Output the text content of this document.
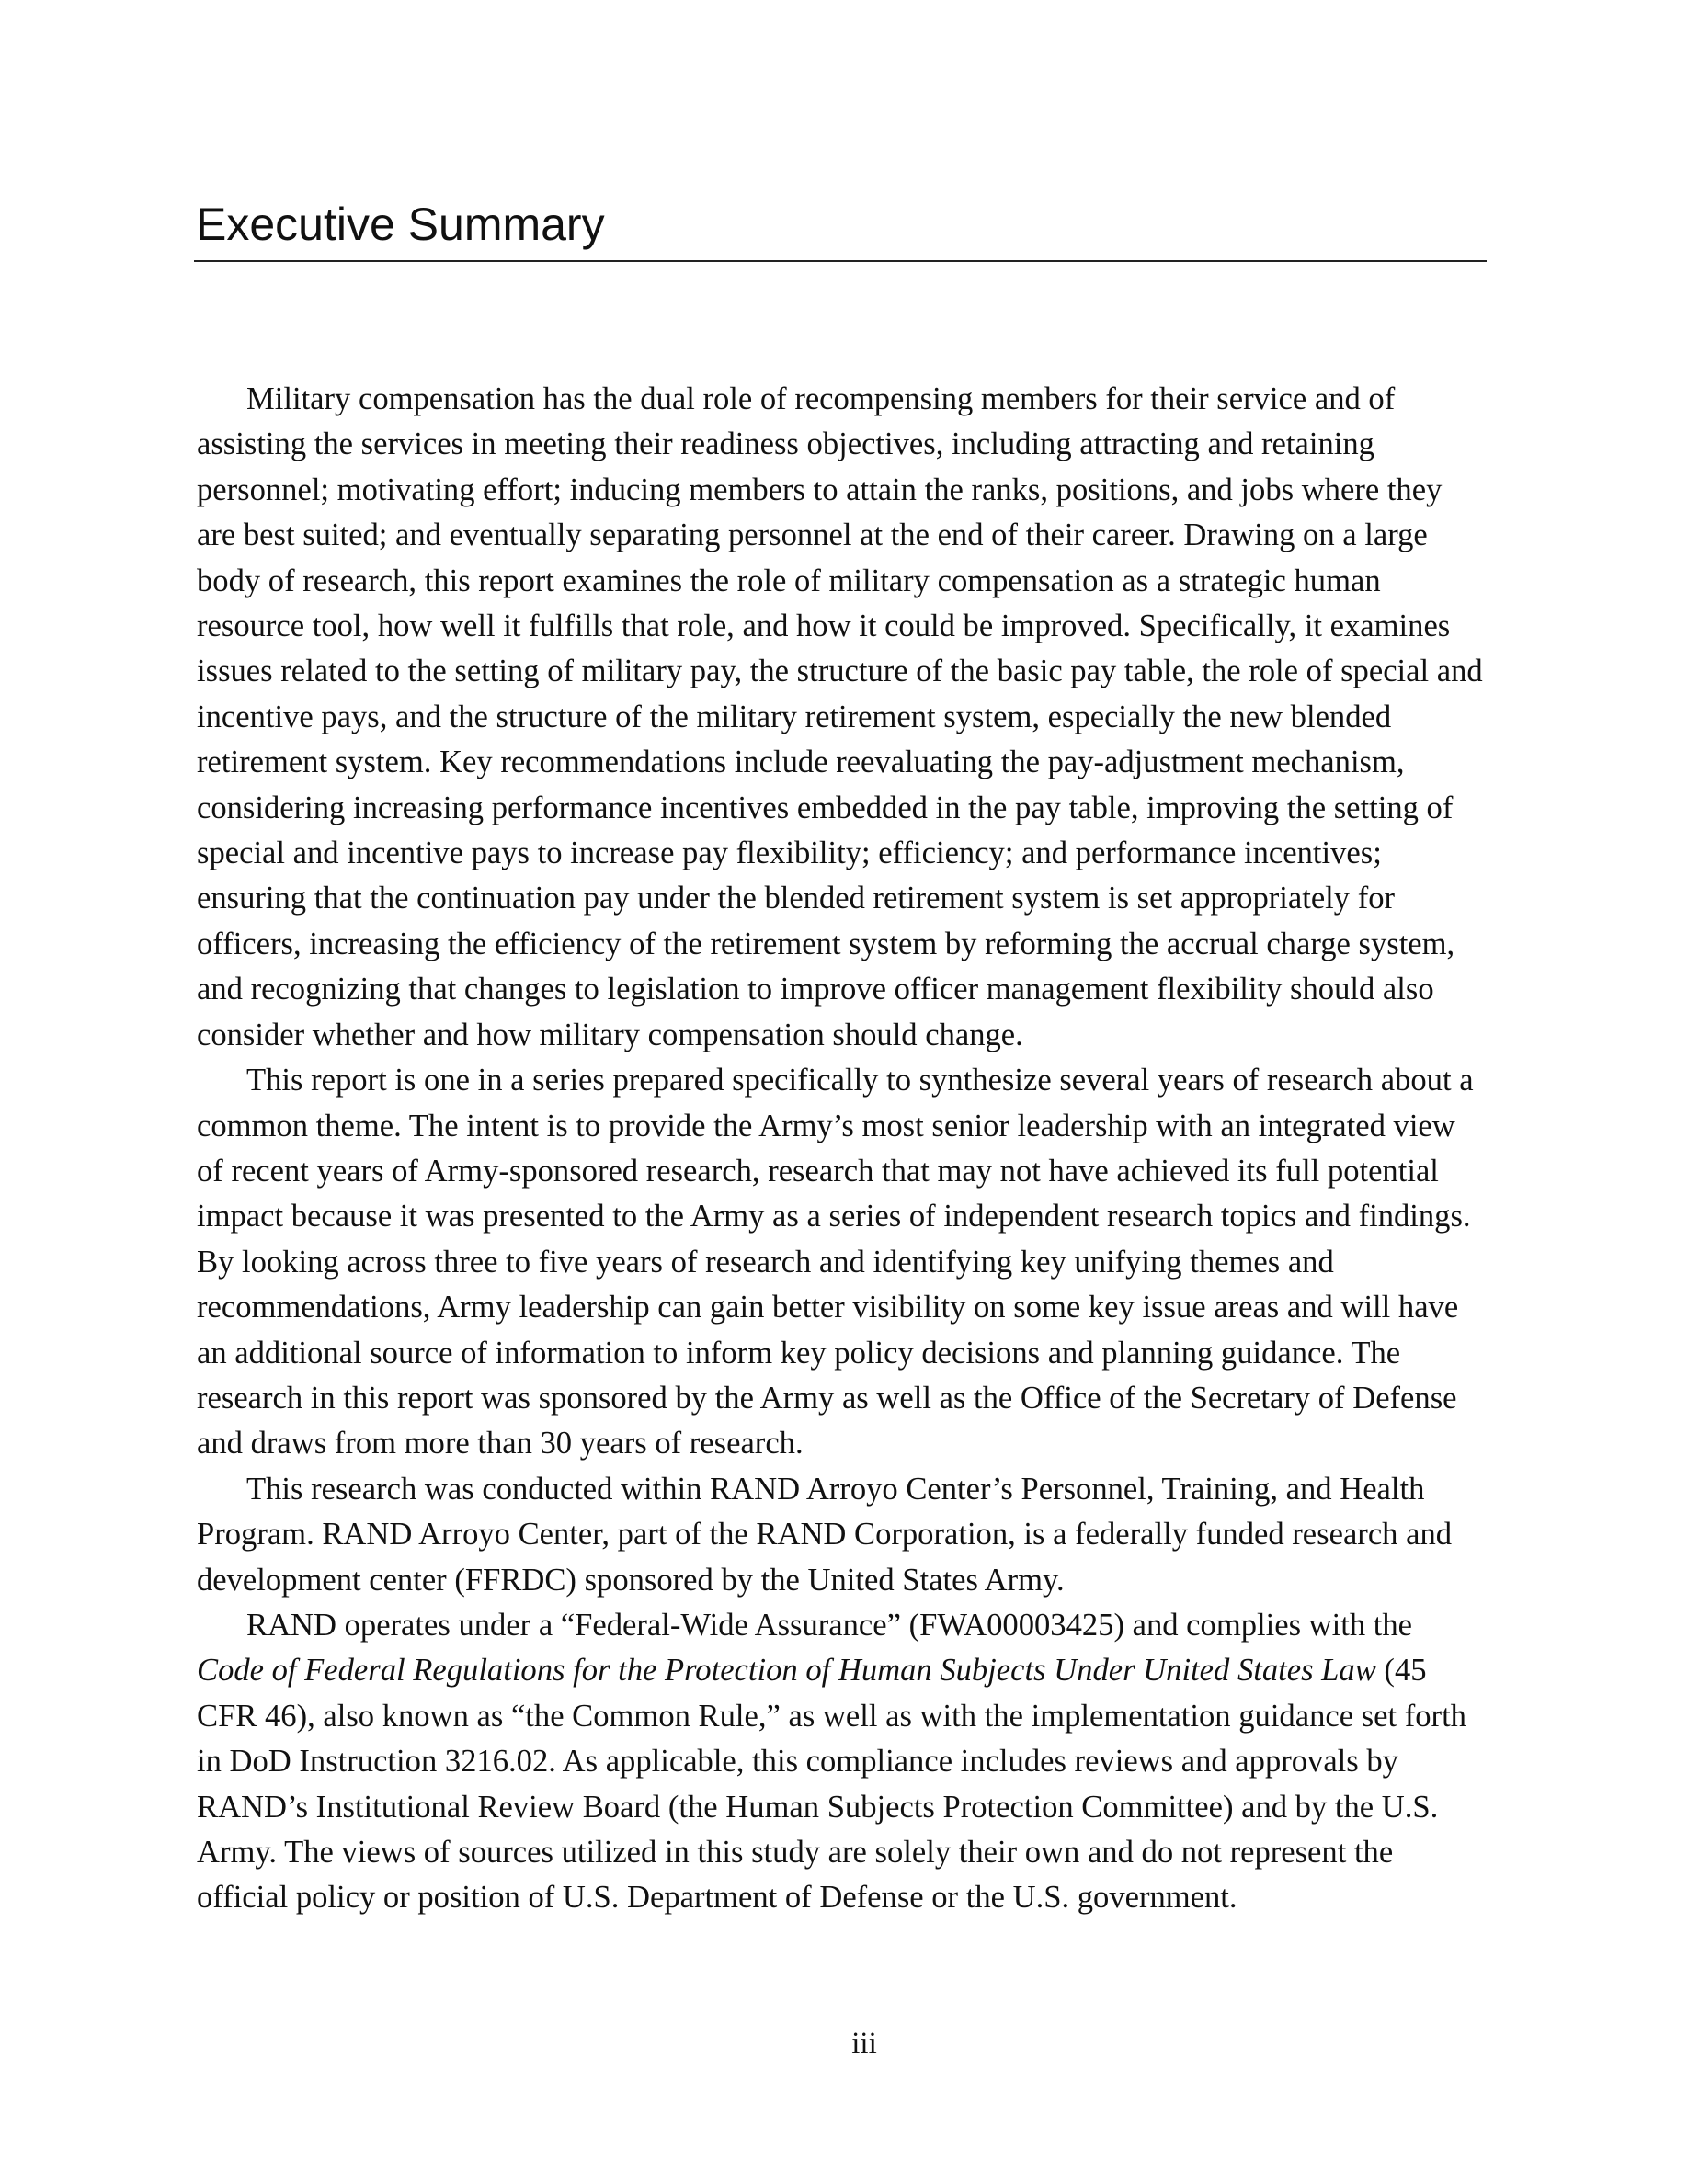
Executive Summary

Military compensation has the dual role of recompensing members for their service and of assisting the services in meeting their readiness objectives, including attracting and retaining personnel; motivating effort; inducing members to attain the ranks, positions, and jobs where they are best suited; and eventually separating personnel at the end of their career. Drawing on a large body of research, this report examines the role of military compensation as a strategic human resource tool, how well it fulfills that role, and how it could be improved. Specifically, it examines issues related to the setting of military pay, the structure of the basic pay table, the role of special and incentive pays, and the structure of the military retirement system, especially the new blended retirement system. Key recommendations include reevaluating the pay-adjustment mechanism, considering increasing performance incentives embedded in the pay table, improving the setting of special and incentive pays to increase pay flexibility; efficiency; and performance incentives; ensuring that the continuation pay under the blended retirement system is set appropriately for officers, increasing the efficiency of the retirement system by reforming the accrual charge system, and recognizing that changes to legislation to improve officer management flexibility should also consider whether and how military compensation should change.

This report is one in a series prepared specifically to synthesize several years of research about a common theme. The intent is to provide the Army’s most senior leadership with an integrated view of recent years of Army-sponsored research, research that may not have achieved its full potential impact because it was presented to the Army as a series of independent research topics and findings. By looking across three to five years of research and identifying key unifying themes and recommendations, Army leadership can gain better visibility on some key issue areas and will have an additional source of information to inform key policy decisions and planning guidance. The research in this report was sponsored by the Army as well as the Office of the Secretary of Defense and draws from more than 30 years of research.

This research was conducted within RAND Arroyo Center’s Personnel, Training, and Health Program. RAND Arroyo Center, part of the RAND Corporation, is a federally funded research and development center (FFRDC) sponsored by the United States Army.

RAND operates under a “Federal-Wide Assurance” (FWA00003425) and complies with the Code of Federal Regulations for the Protection of Human Subjects Under United States Law (45 CFR 46), also known as “the Common Rule,” as well as with the implementation guidance set forth in DoD Instruction 3216.02. As applicable, this compliance includes reviews and approvals by RAND’s Institutional Review Board (the Human Subjects Protection Committee) and by the U.S. Army. The views of sources utilized in this study are solely their own and do not represent the official policy or position of U.S. Department of Defense or the U.S. government.

iii
